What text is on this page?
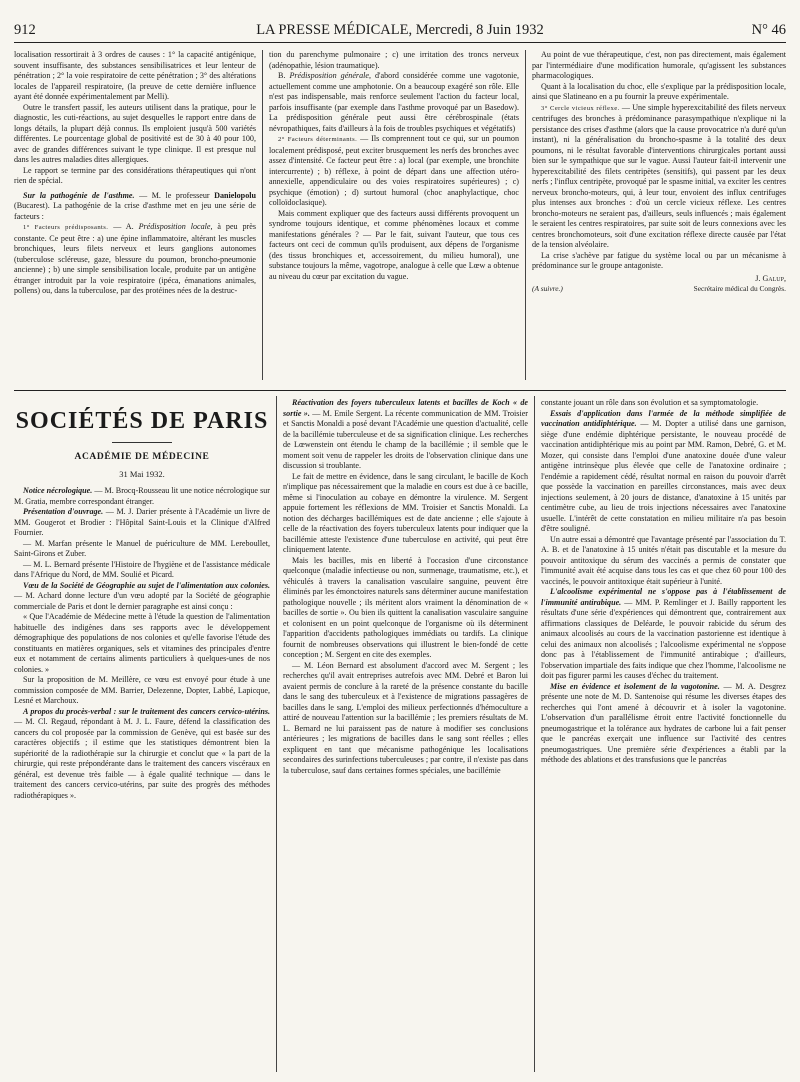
912	LA PRESSE MÉDICALE, Mercredi, 8 Juin 1932	N° 46

localisation ressortirait à 3 ordres de causes : 1° la capacité antigénique, souvent insuffisante, des substances sensibilisatrices et leur lenteur de pénétration ; 2° la voie respiratoire de cette pénétration ; 3° des altérations locales de l'appareil respiratoire, (la preuve de cette dernière influence ayant été donnée expérimentalement par Melli).

Outre le transfert passif, les auteurs utilisent dans la pratique, pour le diagnostic, les cuti-réactions, au sujet desquelles le rapport entre dans de longs détails, la plupart déjà connus. Ils emploient jusqu'à 500 variétés différentes. Le pourcentage global de positivité est de 30 à 40 pour 100, avec de grandes différences suivant le type clinique. Il est presque nul dans les autres maladies dites allergiques.

Le rapport se termine par des considérations thérapeutiques qui n'ont rien de spécial.

Sur la pathogénie de l'asthme. — M. le professeur Danielopolu (Bucarest). La pathogénie de la crise d'asthme met en jeu une série de facteurs :

1° Facteurs prédisposants. — A. Prédisposition locale, à peu près constante. Ce peut être : a) une épine inflammatoire, altérant les muscles bronchiques, leurs filets nerveux et leurs ganglions autonomes (tuberculose scléreuse, gaze, blessure du poumon, broncho-pneumonie ancienne) ; b) une simple sensibilisation locale, produite par un antigène étranger introduit par la voie respiratoire (ipéca, émanations animales, pollens) ou, dans la tuberculose, par des protéines nées de la destruc-

tion du parenchyme pulmonaire ; c) une irritation des troncs nerveux (adénopathie, lésion traumatique).

B. Prédisposition générale, d'abord considérée comme une vagotonie, actuellement comme une amphotonie. On a beaucoup exagéré son rôle. Elle n'est pas indispensable, mais renforce seulement l'action du facteur local, parfois insuffisante (par exemple dans l'asthme provoqué par un Basedow). La prédisposition générale peut aussi être cérébrospinale (états névropathiques, faits d'ailleurs à la fois de troubles psychiques et végétatifs)

2° Facteurs déterminants. — Ils comprennent tout ce qui, sur un poumon localement prédisposé, peut exciter brusquement les nerfs des bronches avec assez d'intensité. Ce facteur peut être : a) local (par exemple, une bronchite intercurrente) ; b) réflexe, à point de départ dans une affection utéro-annexielle, appendiculaire ou des voies respiratoires supérieures) ; c) psychique (émotion) ; d) surtout humoral (choc anaphylactique, choc colloïdoclasique).

Mais comment expliquer que des facteurs aussi différents provoquent un syndrome toujours identique, et comme phénomènes locaux et comme manifestations générales ? — Par le fait, suivant l'auteur, que tous ces facteurs ont ceci de commun qu'ils produisent, aux dépens de l'organisme (des tissus bronchiques et, accessoirement, du milieu humoral), une substance toujours la même, vagotrope, analogue à celle que Lœw a obtenue au niveau du cœur par excitation du vague.

Au point de vue thérapeutique, c'est, non pas directement, mais également par l'intermédiaire d'une modification humorale, qu'agissent les substances pharmacologiques.

Quant à la localisation du choc, elle s'explique par la prédisposition locale, ainsi que Slatineano en a pu fournir la preuve expérimentale.

3° Cercle vicieux réflexe. — Une simple hyperexcitabilité des filets nerveux centrifuges des bronches à prédominance parasympathique n'explique ni la persistance des crises d'asthme (alors que la cause provocatrice n'a duré qu'un instant), ni la généralisation du broncho-spasme à la totalité des deux poumons, ni le résultat favorable d'interventions chirurgicales portant aussi bien sur le sympathique que sur le vague. Aussi l'auteur fait-il intervenir une hyperexcitabilité des filets centripètes (sensitifs), qui passent par les deux nerfs ; l'influx centripète, provoqué par le spasme initial, va exciter les centres nerveux broncho-moteurs, qui, à leur tour, envoient des influx centrifuges plus intenses aux bronches : d'où un cercle vicieux réflexe. Les centres broncho-moteurs ne seraient pas, d'ailleurs, seuls influencés ; mais également le seraient les centres respiratoires, par suite soit de leurs connexions avec les centres bronchomoteurs, soit d'une excitation réflexe directe causée par l'état de la tension alvéolaire.

La crise s'achève par fatigue du système local ou par un mécanisme à prédominance sur le groupe antagoniste.

J. Galup,
(A suivre.)	Secrétaire médical du Congrès.
SOCIÉTÉS DE PARIS
ACADÉMIE DE MÉDECINE
31 Mai 1932.

Notice nécrologique. — M. Brocq-Rousseau lit une notice nécrologique sur M. Gratia, membre correspondant étranger.

Présentation d'ouvrage. — M. J. Darier présente à l'Académie un livre de MM. Gougerot et Brodier : l'Hôpital Saint-Louis et la Clinique d'Alfred Fournier.

— M. Marfan présente le Manuel de puériculture de MM. Lereboullet, Saint-Girons et Zuber.

— M. L. Bernard présente l'Histoire de l'hygiène et de l'assistance médicale dans l'Afrique du Nord, de MM. Soulié et Picard.

Vœu de la Société de Géographie au sujet de l'alimentation aux colonies. — M. Achard donne lecture d'un vœu adopté par la Société de géographie commerciale de Paris et dont le dernier paragraphe est ainsi conçu :

« Que l'Académie de Médecine mette à l'étude la question de l'alimentation habituelle des indigènes dans ses rapports avec le développement démographique des populations de nos colonies et qu'elle favorise l'étude des constituants en matières organiques, sels et vitamines des principales d'entre eux et notamment de certains aliments particuliers à quelques-unes de nos colonies. »

Sur la proposition de M. Meillère, ce vœu est envoyé pour étude à une commission composée de MM. Barrier, Delezenne, Dopter, Labbé, Lapicque, Lesné et Marchoux.

A propos du procès-verbal : sur le traitement des cancers cervico-utérins. — M. Cl. Regaud, répondant à M. J. L. Faure, défend la classification des cancers du col proposée par la commission de Genève, qui est basée sur des caractères objectifs ; il estime que les statistiques démontrent bien la supériorité de la radiothérapie sur la chirurgie et conclut que « la part de la chirurgie, qui reste prépondérante dans le traitement des cancers viscéraux en général, est devenue très faible — à égale qualité technique — dans le traitement des cancers cervico-utérins, par suite des progrès des méthodes radiothérapiques ».

Réactivation des foyers tuberculeux latents et bacilles de Koch « de sortie ». — M. Emile Sergent. La récente communication de MM. Troisier et Sanctis Monaldi a posé devant l'Académie une question d'actualité, celle de la bacillémie tuberculeuse et de sa signification clinique. Les recherches de Lœwenstein ont étendu le champ de la bacillémie ; il semble que le moment soit venu de rappeler les droits de l'observation clinique dans une discussion si troublante.

Le fait de mettre en évidence, dans le sang circulant, le bacille de Koch n'implique pas nécessairement que la maladie en cours est due à ce bacille, même si l'inoculation au cobaye en démontre la virulence. M. Sergent appuie fortement les réflexions de MM. Troisier et Sanctis Monaldi. La notion des décharges bacillémiques est de date ancienne ; elle s'ajoute à celle de la réactivation des foyers tuberculeux latents pour indiquer que la bacillémie atteste l'existence d'une tuberculose en activité, qui peut être cliniquement latente.

Mais les bacilles, mis en liberté à l'occasion d'une circonstance quelconque (maladie infectieuse ou non, surmenage, traumatisme, etc.), et véhiculés à travers la canalisation vasculaire sanguine, peuvent être éliminés par les émonctoires naturels sans déterminer aucune manifestation pathologique nouvelle ; ils méritent alors vraiment la dénomination de « bacilles de sortie ». Ou bien ils quittent la canalisation vasculaire sanguine et colonisent en un point quelconque de l'organisme où ils déterminent l'apparition d'accidents pathologiques immédiats ou tardifs. La clinique fournit de nombreuses observations qui illustrent le bien-fondé de cette conception ; M. Sergent en cite des exemples.

— M. Léon Bernard est absolument d'accord avec M. Sergent ; les recherches qu'il avait entreprises autrefois avec MM. Debré et Baron lui avaient permis de conclure à la rareté de la présence constante du bacille dans le sang des tuberculeux et à l'existence de migrations passagères de bacilles dans le sang. L'emploi des milieux perfectionnés d'hémoculture a attiré de nouveau l'attention sur la bacillémie ; les premiers résultats de M. L. Bernard ne lui paraissent pas de nature à modifier ses conclusions antérieures ; les migrations de bacilles dans le sang sont réelles ; elles expliquent en tant que mécanisme pathogénique les localisations secondaires des surinfections tuberculeuses ; par contre, il n'existe pas dans la tuberculose, sauf dans certaines formes spéciales, une bacillémie

constante jouant un rôle dans son évolution et sa symptomatologie.

Essais d'application dans l'armée de la méthode simplifiée de vaccination antidiphtérique. — M. Dopter a utilisé dans une garnison, siège d'une endémie diphtérique persistante, le nouveau procédé de vaccination antidiphtérique mis au point par MM. Ramon, Debré, G. et M. Mozer, qui consiste dans l'emploi d'une anatoxine douée d'une valeur antigène intrinsèque plus élevée que celle de l'anatoxine ordinaire ; l'endémie a rapidement cédé, résultat normal en raison du pouvoir d'arrêt que possède la vaccination en pareilles circonstances, mais avec deux injections seulement, à 20 jours de distance, d'anatoxine à 15 unités par centimètre cube, au lieu de trois injections nécessaires avec l'anatoxine usuelle. L'intérêt de cette constatation en milieu militaire n'a pas besoin d'être souligné.

Un autre essai a démontré que l'avantage présenté par l'association du T. A. B. et de l'anatoxine à 15 unités n'était pas discutable et la mesure du pouvoir antitoxique du sérum des vaccinés a permis de constater que l'immunité avait été acquise dans tous les cas et que chez 60 pour 100 des vaccinés, le pouvoir antitoxique était supérieur à l'unité.

L'alcoolisme expérimental ne s'oppose pas à l'établissement de l'immunité antirabique. — MM. P. Remlinger et J. Bailly rapportent les résultats d'une série d'expériences qui démontrent que, contrairement aux affirmations classiques de Deléarde, le pouvoir rabicide du sérum des animaux alcoolisés au cours de la vaccination pastorienne est identique à celui des animaux non alcoolisés ; l'alcoolisme expérimental ne s'oppose donc pas à l'établissement de l'immunité antirabique ; d'ailleurs, l'observation impartiale des faits indique que chez l'homme, l'alcoolisme ne doit pas figurer parmi les causes d'échec du traitement.

Mise en évidence et isolement de la vagotonine. — M. A. Desgrez présente une note de M. D. Santenoise qui résume les diverses étapes des recherches qui l'ont amené à découvrir et à isoler la vagotonine. L'observation d'un parallélisme étroit entre l'activité fonctionnelle du pneumogastrique et la tolérance aux hydrates de carbone lui a fait penser que le pancréas exerçait une influence sur l'activité des centres pneumogastriques. Une première série d'expériences a établi par la méthode des ablations et des transfusions que le pancréas
